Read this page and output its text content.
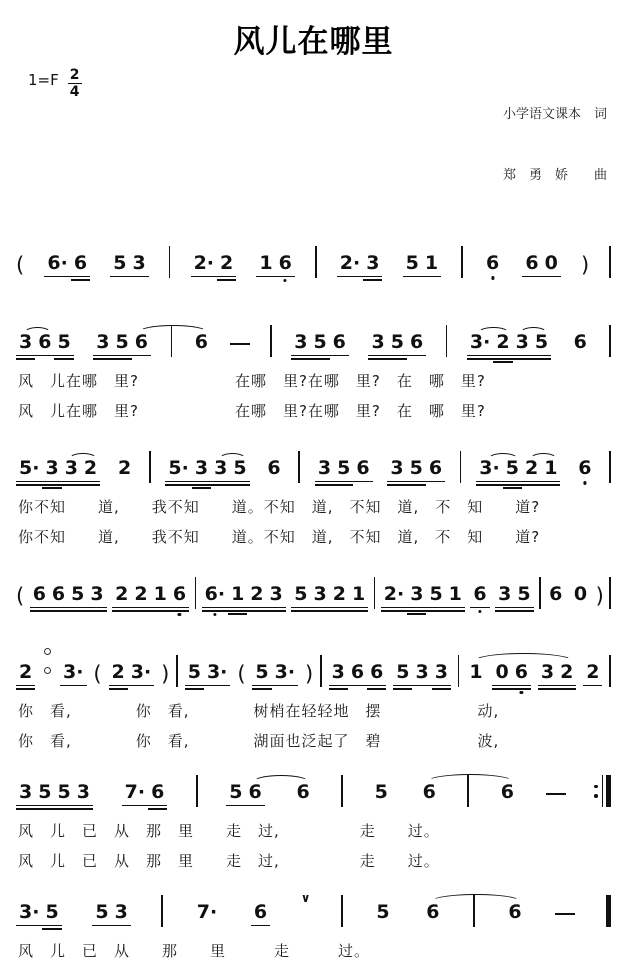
风儿在哪里
$1=F \frac{2}{4}$

小学语文课本　词

郑　勇　娇　　曲

( 6· 6 5 3	2· 2 1 6	2· 3 5 1	6 6 0 )
3 6 5 3 5 6 6	3 5 6 3 5 6 3· 2 3 5 6
风　儿在哪　里?　　　　　　在哪　里?在哪　里?　在　哪　里?
风　儿在哪　里?　　　　　　在哪　里?在哪　里?　在　哪　里?
5· 3 3 2 2 5· 3 3 5 6 3 5 6 3 5 6 3· 5 2 1 6
你不知　　道,　　我不知　　道。不知　道,　不知　道,　不　知　　道?
你不知　　道,　　我不知　　道。不知　道,　不知　道,　不　知　　道?
( 6 6 5 3 2 2 1 6 6· 1 2 3 5 3 2 1 2· 3 5 1 6 3 5 6 0 )
2 3· ( 2 3· ) 5 3· ( 5 3· ) 3 6 6 5 3 3 1 0 6 3 2 2
你　看,　　　　你　看,　　　　树梢在轻轻地　摆　　　　　　动,
你　看,　　　　你　看,　　　　湖面也泛起了　碧　　　　　　波,
3 5 5 3 7· 6	5 6 6	5 6	6
风　儿　已　从　那　里　　走　过,　　　　　走　　过。
风　儿　已　从　那　里　　走　过,　　　　　走　　过。
3· 5 5 3	7· 6
∨
5 6	6
风　儿　已　从　　那　　里　　　走　　　过。
